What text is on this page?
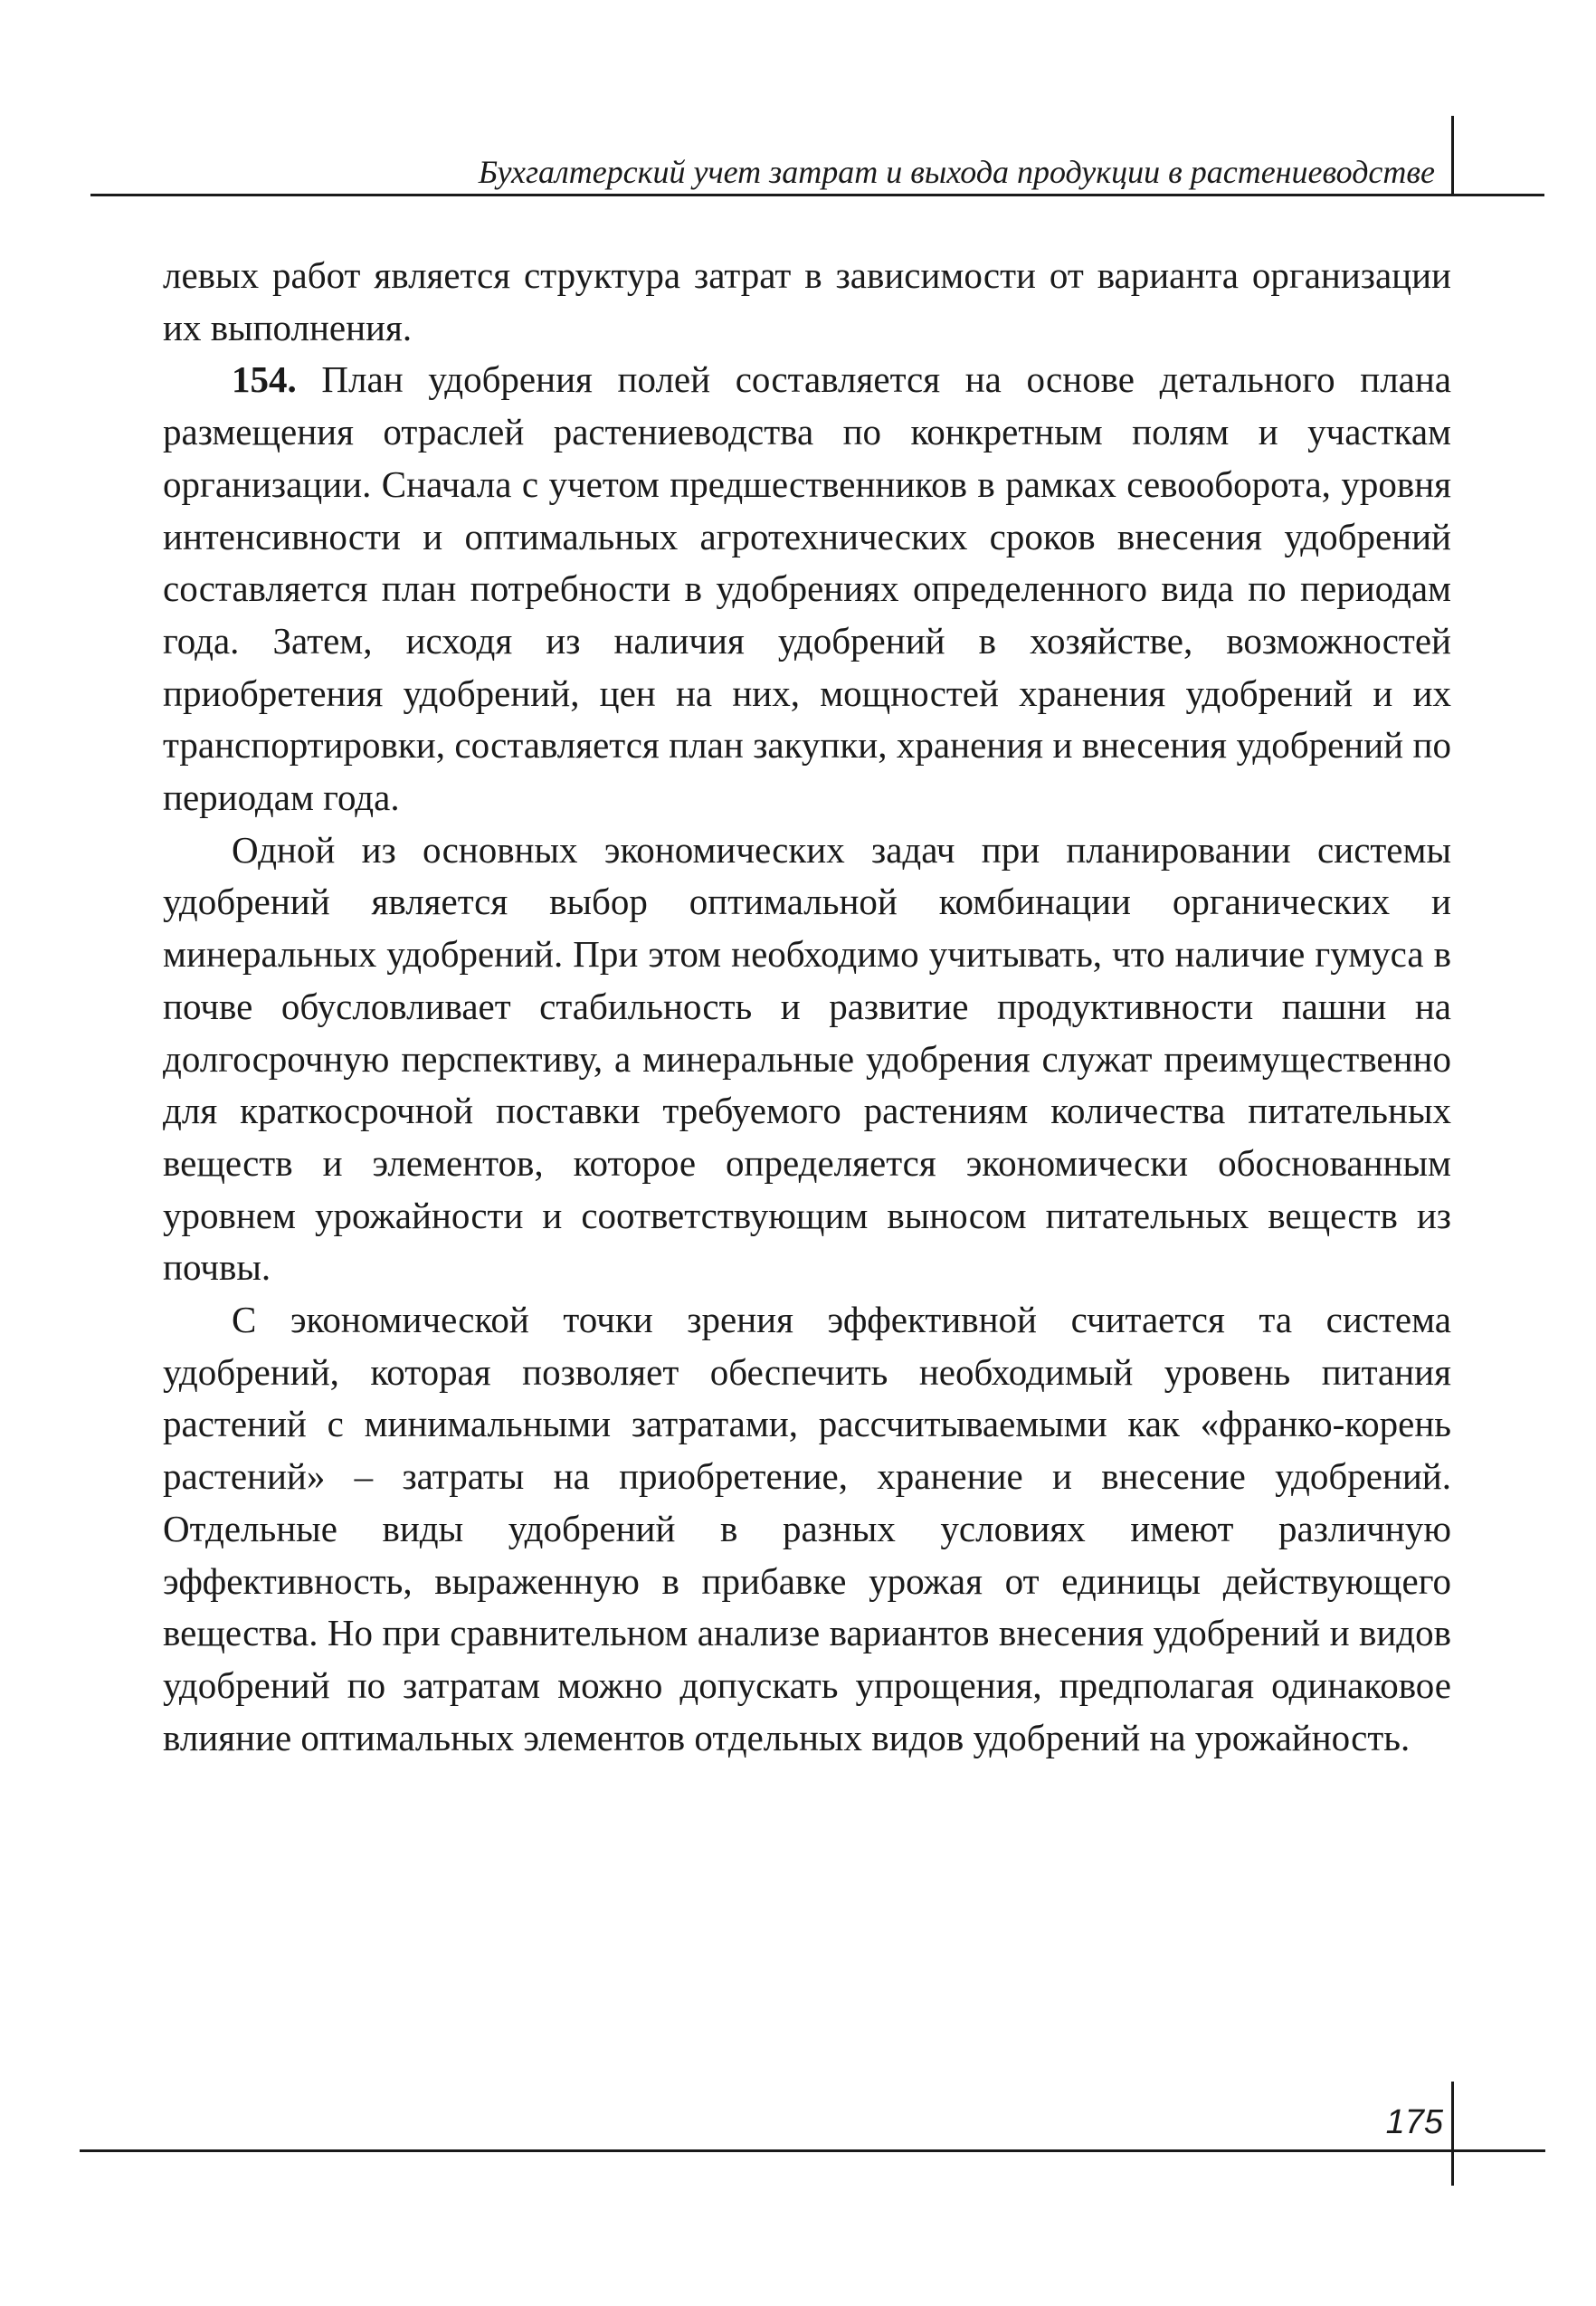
Бухгалтерский учет затрат и выхода продукции в растениеводстве

левых работ является структура затрат в зависимости от варианта организации их выполнения.

154. План удобрения полей составляется на основе детального плана размещения отраслей растениеводства по конкретным полям и участкам организации. Сначала с учетом предшественников в рамках севооборота, уровня интенсивности и оптимальных агротехнических сроков внесения удобрений составляется план потребности в удобрениях определенного вида по периодам года. Затем, исходя из наличия удобрений в хозяйстве, возможностей приобретения удобрений, цен на них, мощностей хранения удобрений и их транспортировки, составляется план закупки, хранения и внесения удобрений по периодам года.

Одной из основных экономических задач при планировании системы удобрений является выбор оптимальной комбинации органических и минеральных удобрений. При этом необходимо учитывать, что наличие гумуса в почве обусловливает стабильность и развитие продуктивности пашни на долгосрочную перспективу, а минеральные удобрения служат преимущественно для краткосрочной поставки требуемого растениям количества питательных веществ и элементов, которое определяется экономически обоснованным уровнем урожайности и соответствующим выносом питательных веществ из почвы.

С экономической точки зрения эффективной считается та система удобрений, которая позволяет обеспечить необходимый уровень питания растений с минимальными затратами, рассчитываемыми как «франко-корень растений» – затраты на приобретение, хранение и внесение удобрений. Отдельные виды удобрений в разных условиях имеют различную эффективность, выраженную в прибавке урожая от единицы действующего вещества. Но при сравнительном анализе вариантов внесения удобрений и видов удобрений по затратам можно допускать упрощения, предполагая одинаковое влияние оптимальных элементов отдельных видов удобрений на урожайность.

175
